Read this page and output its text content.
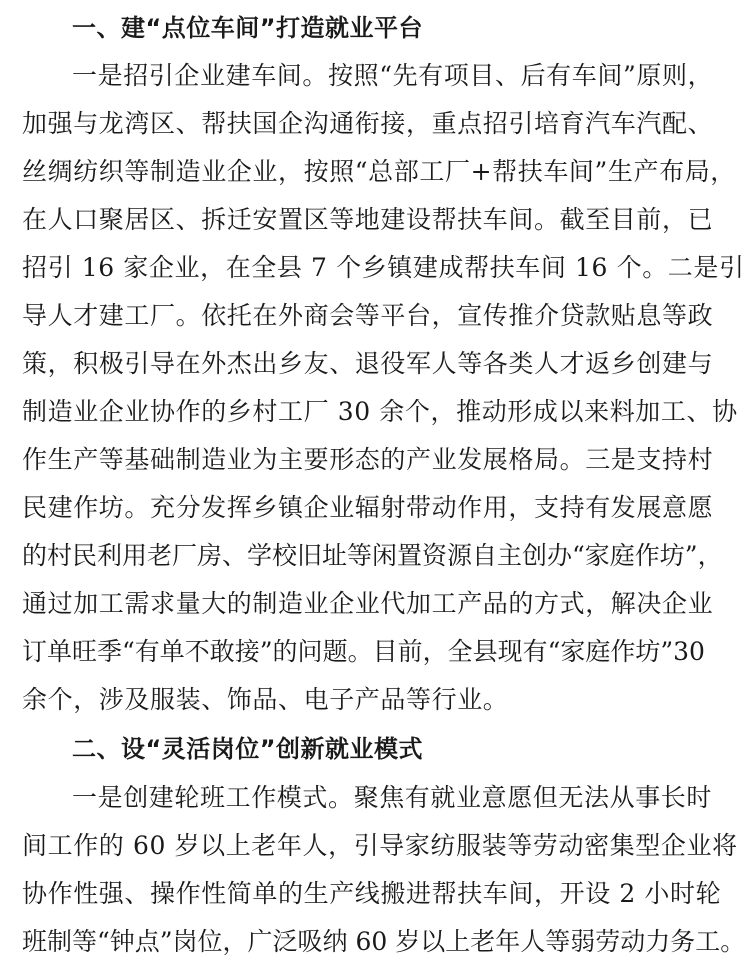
一、建“点位车间”打造就业平台
一是招引企业建车间。按照“先有项目、后有车间”原则，
加强与龙湾区、帮扶国企沟通衔接，重点招引培育汽车汽配、
丝绸纺织等制造业企业，按照“总部工厂+帮扶车间”生产布局，
在人口聚居区、拆迁安置区等地建设帮扶车间。截至目前，已
招引 16 家企业，在全县 7 个乡镇建成帮扶车间 16 个。二是引
导人才建工厂。依托在外商会等平台，宣传推介贷款贴息等政
策，积极引导在外杰出乡友、退役军人等各类人才返乡创建与
制造业企业协作的乡村工厂 30 余个，推动形成以来料加工、协
作生产等基础制造业为主要形态的产业发展格局。三是支持村
民建作坊。充分发挥乡镇企业辐射带动作用，支持有发展意愿
的村民利用老厂房、学校旧址等闲置资源自主创办“家庭作坊”，
通过加工需求量大的制造业企业代加工产品的方式，解决企业
订单旺季“有单不敢接”的问题。目前，全县现有“家庭作坊”30
余个，涉及服装、饰品、电子产品等行业。
二、设“灵活岗位”创新就业模式
一是创建轮班工作模式。聚焦有就业意愿但无法从事长时
间工作的 60 岁以上老年人，引导家纺服装等劳动密集型企业将
协作性强、操作性简单的生产线搬进帮扶车间，开设 2 小时轮
班制等“钟点”岗位，广泛吸纳 60 岁以上老年人等弱劳动力务工。
